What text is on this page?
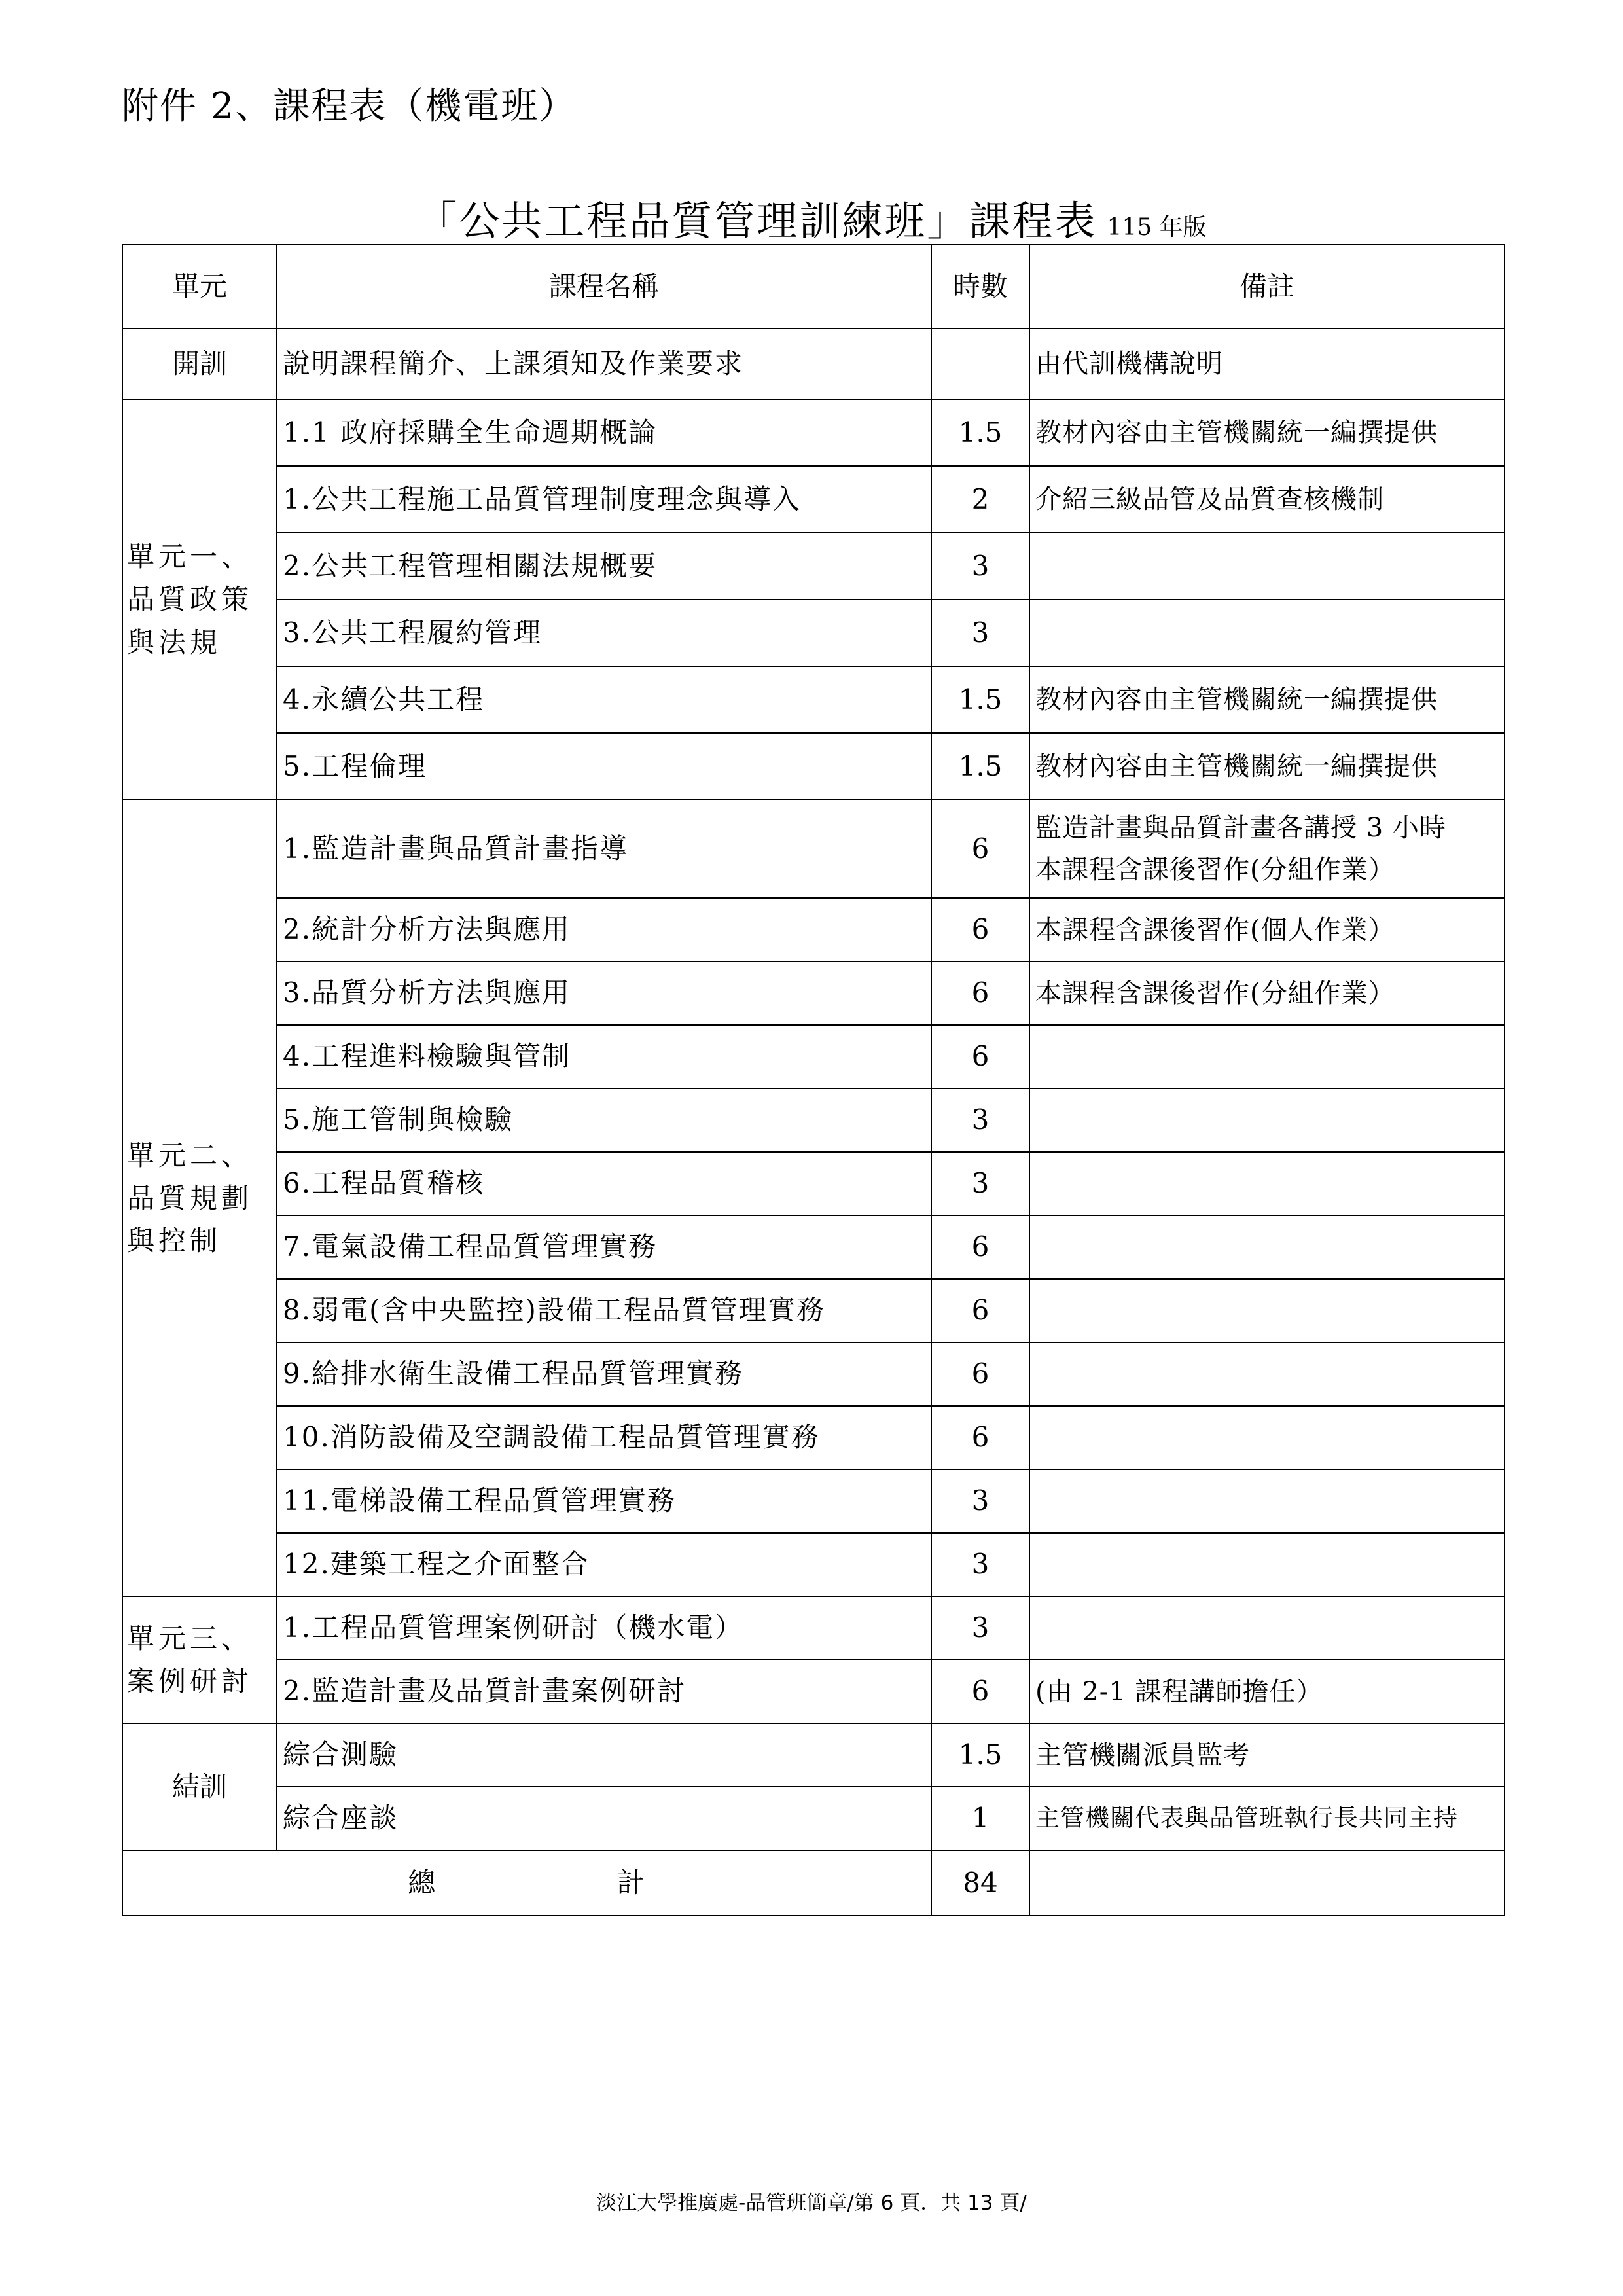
附件 2、課程表（機電班）
「公共工程品質管理訓練班」課程表 115 年版
單元	課程名稱	時數	備註
開訓	說明課程簡介、上課須知及作業要求		由代訓機構說明
單元一、品質政策與法規	1.1 政府採購全生命週期概論	1.5	教材內容由主管機關統一編撰提供
	1.公共工程施工品質管理制度理念與導入	2	介紹三級品管及品質查核機制
	2.公共工程管理相關法規概要	3	
	3.公共工程履約管理	3	
	4.永續公共工程	1.5	教材內容由主管機關統一編撰提供
	5.工程倫理	1.5	教材內容由主管機關統一編撰提供
單元二、品質規劃與控制	1.監造計畫與品質計畫指導	6	監造計畫與品質計畫各講授 3 小時
本課程含課後習作(分組作業）

	2.統計分析方法與應用	6	本課程含課後習作(個人作業）
	3.品質分析方法與應用	6	本課程含課後習作(分組作業）
	4.工程進料檢驗與管制	6	
	5.施工管制與檢驗	3	
	6.工程品質稽核	3	
	7.電氣設備工程品質管理實務	6	
	8.弱電(含中央監控)設備工程品質管理實務	6	
	9.給排水衛生設備工程品質管理實務	6	
	10.消防設備及空調設備工程品質管理實務	6	
	11.電梯設備工程品質管理實務	3	
	12.建築工程之介面整合	3	
單元三、案例研討	1.工程品質管理案例研討（機水電）	3	
	2.監造計畫及品質計畫案例研討	6	(由 2-1 課程講師擔任）
結訓	綜合測驗	1.5	主管機關派員監考
	綜合座談	1	主管機關代表與品管班執行長共同主持
總 計		84	
淡江大學推廣處-品管班簡章/第 6 頁．共 13 頁/
